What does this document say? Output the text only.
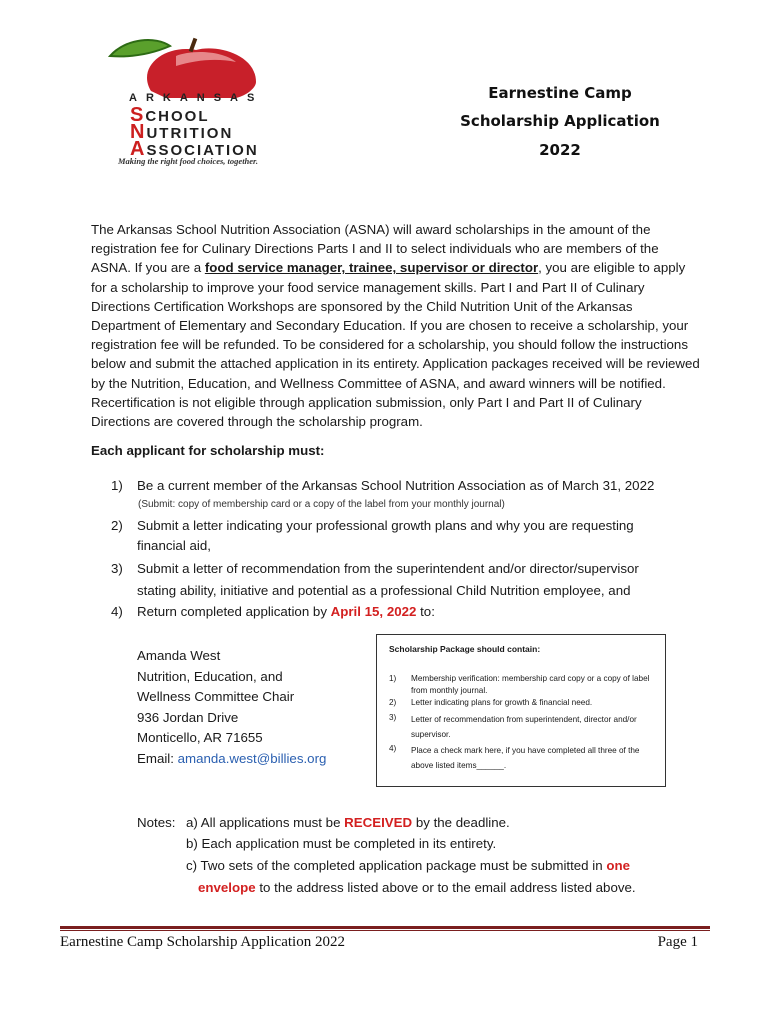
ARKANSAS
SCHOOL
NUTRITION
ASSOCIATION
Making the right food choices, together.
Earnestine Camp
Scholarship Application
2022
The Arkansas School Nutrition Association (ASNA) will award scholarships in the amount of the registration fee for Culinary Directions Parts I and II to select individuals who are members of the ASNA. If you are a food service manager, trainee, supervisor or director, you are eligible to apply for a scholarship to improve your food service management skills. Part I and Part II of Culinary Directions Certification Workshops are sponsored by the Child Nutrition Unit of the Arkansas Department of Elementary and Secondary Education. If you are chosen to receive a scholarship, your registration fee will be refunded. To be considered for a scholarship, you should follow the instructions below and submit the attached application in its entirety. Application packages received will be reviewed by the Nutrition, Education, and Wellness Committee of ASNA, and award winners will be notified. Recertification is not eligible through application submission, only Part I and Part II of Culinary Directions are covered through the scholarship program.
Each applicant for scholarship must:
1) Be a current member of the Arkansas School Nutrition Association as of March 31, 2022
(Submit: copy of membership card or a copy of the label from your monthly journal)
2) Submit a letter indicating your professional growth plans and why you are requesting
financial aid,
3) Submit a letter of recommendation from the superintendent and/or director/supervisor
stating ability, initiative and potential as a professional Child Nutrition employee, and
4) Return completed application by April 15, 2022 to:
Amanda West
Nutrition, Education, and
Wellness Committee Chair
936 Jordan Drive
Monticello, AR 71655
Email: amanda.west@billies.org
Scholarship Package should contain:
1) Membership verification: membership card copy or a copy of label from monthly journal.
2) Letter indicating plans for growth & financial need.
3) Letter of recommendation from superintendent, director and/or supervisor.
4) Place a check mark here, if you have completed all three of the above listed items______.
Notes: a) All applications must be RECEIVED by the deadline.
b) Each application must be completed in its entirety.
c) Two sets of the completed application package must be submitted in one
envelope to the address listed above or to the email address listed above.
Earnestine Camp Scholarship Application 2022	Page 1
